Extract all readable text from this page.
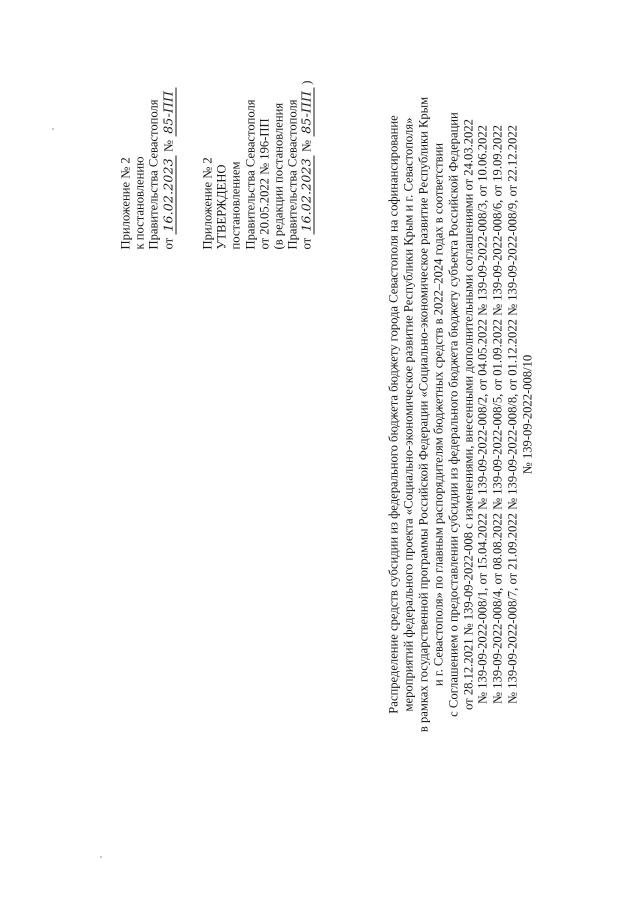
Приложение № 2 к постановлению Правительства Севастополя от 16.02.2023 № 85-ПП
Приложение № 2 УТВЕРЖДЕНО постановлением Правительства Севастополя от 20.05.2022 № 196-ПП (в редакции постановления Правительства Севастополя от 16.02.2023 № 85-ПП )
Распределение средств субсидии из федерального бюджета бюджету города Севастополя на софинансирование мероприятий федерального проекта «Социально-экономическое развитие Республики Крым и г. Севастополя» в рамках государственной программы Российской Федерации «Социально-экономическое развитие Республики Крым и г. Севастополя» по главным распорядителям бюджетных средств в 2022–2024 годах в соответствии с Соглашением о предоставлении субсидии из федерального бюджета бюджету субъекта Российской Федерации от 28.12.2021 № 139-09-2022-008 с изменениями, внесенными дополнительными соглашениями от 24.03.2022 № 139-09-2022-008/1, от 15.04.2022 № 139-09-2022-008/2, от 04.05.2022 № 139-09-2022-008/3, от 10.06.2022 № 139-09-2022-008/4, от 08.08.2022 № 139-09-2022-008/5, от 01.09.2022 № 139-09-2022-008/6, от 19.09.2022 № 139-09-2022-008/7, от 21.09.2022 № 139-09-2022-008/8, от 01.12.2022 № 139-09-2022-008/9, от 22.12.2022 № 139-09-2022-008/10
